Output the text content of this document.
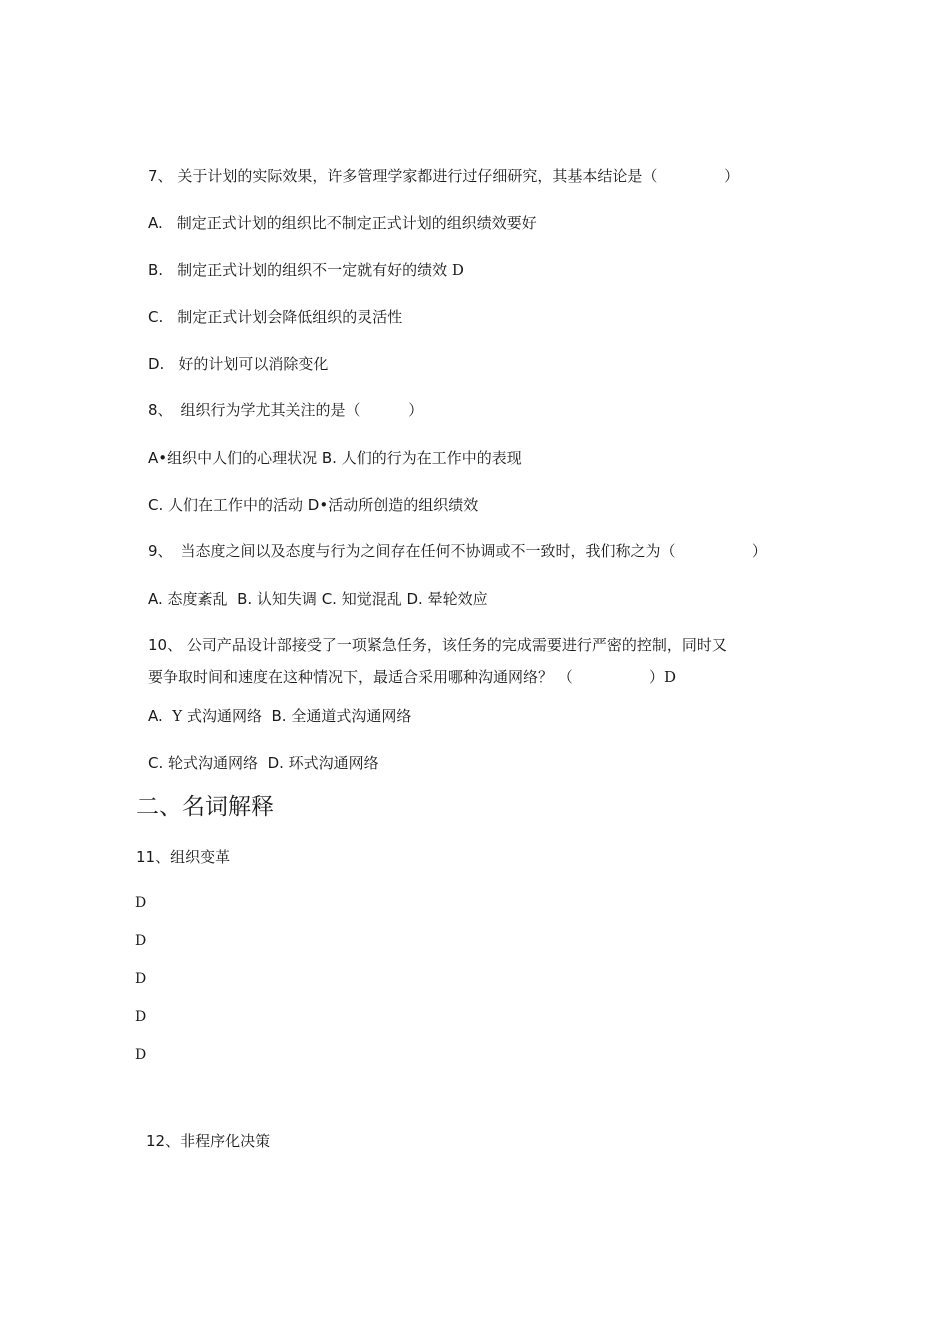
7、 关于计划的实际效果，许多管理学家都进行过仔细研究，其基本结论是（              ）
A. 制定正式计划的组织比不制定正式计划的组织绩效要好
B. 制定正式计划的组织不一定就有好的绩效 D
C. 制定正式计划会降低组织的灵活性
D. 好的计划可以消除变化
8、 组织行为学尤其关注的是（          ）
A•组织中人们的心理状况 B. 人们的行为在工作中的表现
C. 人们在工作中的活动 D•活动所创造的组织绩效
9、 当态度之间以及态度与行为之间存在任何不协调或不一致时，我们称之为（                ）
A. 态度紊乱  B. 认知失调 C. 知觉混乱 D. 晕轮效应
10、 公司产品设计部接受了一项紧急任务，该任务的完成需要进行严密的控制，同时又
要争取时间和速度在这种情况下，最适合采用哪种沟通网络？ （                ）D
A.  Y 式沟通网络  B. 全通道式沟通网络
C. 轮式沟通网络  D. 环式沟通网络
二、名词解释
11、组织变革
D
D
D
D
D
12、非程序化决策
